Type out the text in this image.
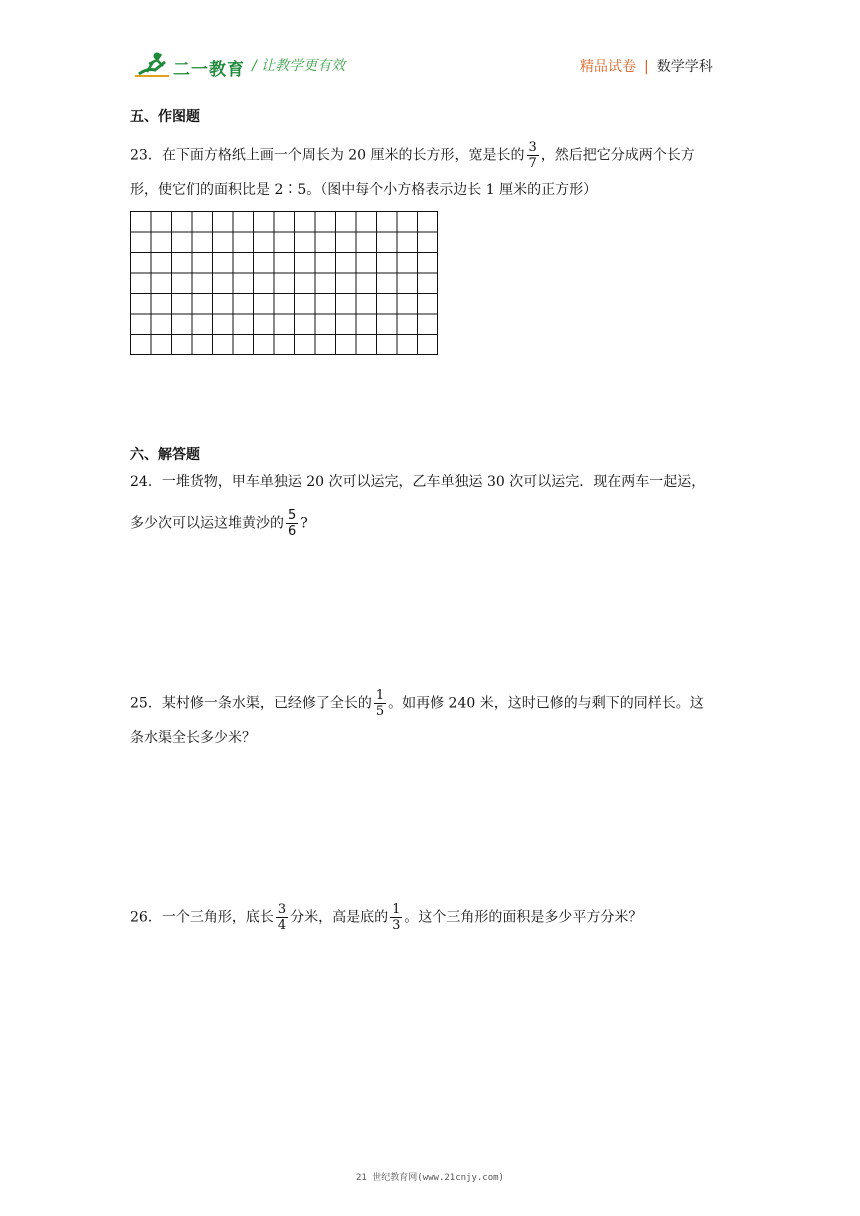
二一教育 / 让教学更有效	精品试卷 | 数学学科
五、作图题
23．在下面方格纸上画一个周长为 20 厘米的长方形，宽是长的 $\frac{3}{7}$ ，然后把它分成两个长方
形，使它们的面积比是 2∶5。（图中每个小方格表示边长 1 厘米的正方形）
六、解答题
24．一堆货物，甲车单独运 20 次可以运完，乙车单独运 30 次可以运完．现在两车一起运，
多少次可以运这堆黄沙的 $\frac{5}{6}$ ?
25．某村修一条水渠，已经修了全长的 $\frac{1}{5}$ 。如再修 240 米，这时已修的与剩下的同样长。这
条水渠全长多少米？
26．一个三角形，底长 $\frac{3}{4}$ 分米，高是底的 $\frac{1}{3}$ 。这个三角形的面积是多少平方分米？
21 世纪教育网(www.21cnjy.com)
